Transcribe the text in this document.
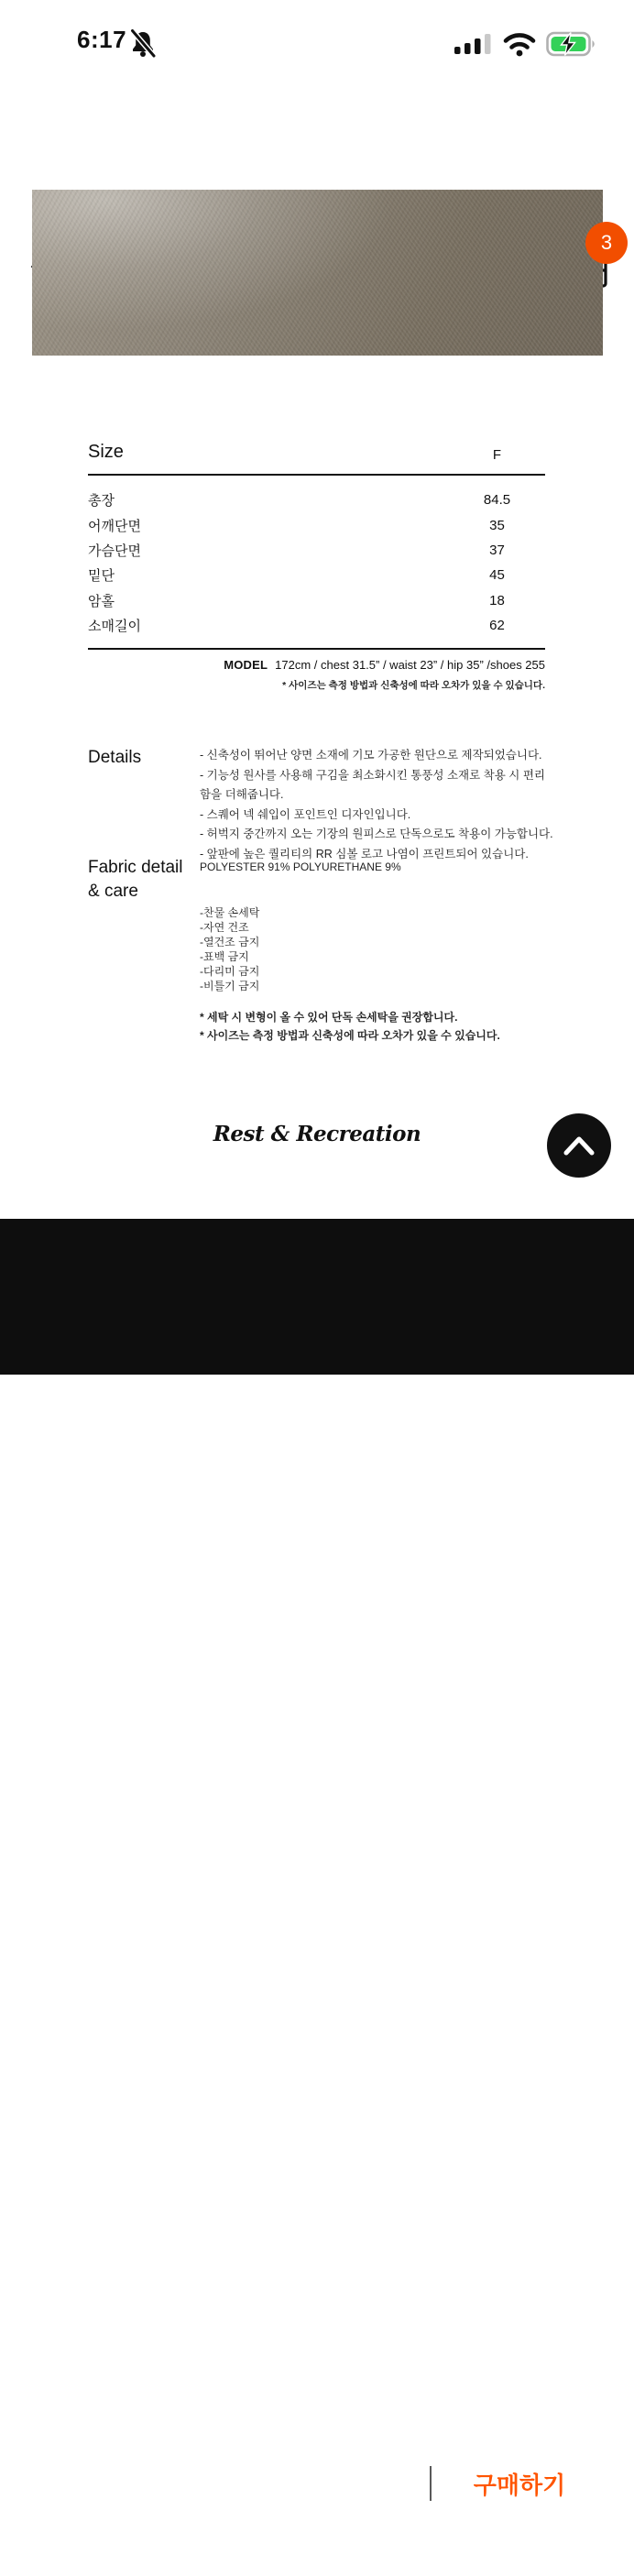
6:17
3
Size	F
총장	84.5
어깨단면	35
가슴단면	37
밑단	45
암홀	18
소매길이	62
MODEL 172cm / chest 31.5” / waist 23” / hip 35” /shoes 255
* 사이즈는 측정 방법과 신축성에 따라 오차가 있을 수 있습니다.
Details	- 신축성이 뛰어난 양면 소재에 기모 가공한 원단으로 제작되었습니다.
- 기능성 원사를 사용해 구김을 최소화시킨 통풍성 소재로 착용 시 편리함을 더해줍니다.
- 스퀘어 넥 쉐입이 포인트인 디자인입니다.
- 허벅지 중간까지 오는 기장의 원피스로 단독으로도 착용이 가능합니다.
- 앞판에 높은 퀄리티의 RR 심볼 로고 나염이 프린트되어 있습니다.
Fabric detail
& care
POLYESTER 91% POLYURETHANE 9%
-찬물 손세탁
-자연 건조
-열건조 금지
-표백 금지
-다리미 금지
-비틀기 금지
* 세탁 시 변형이 올 수 있어 단독 손세탁을 권장합니다.
* 사이즈는 측정 방법과 신축성에 따라 오차가 있을 수 있습니다.
Rest & Recreation
선물하기	구매하기
